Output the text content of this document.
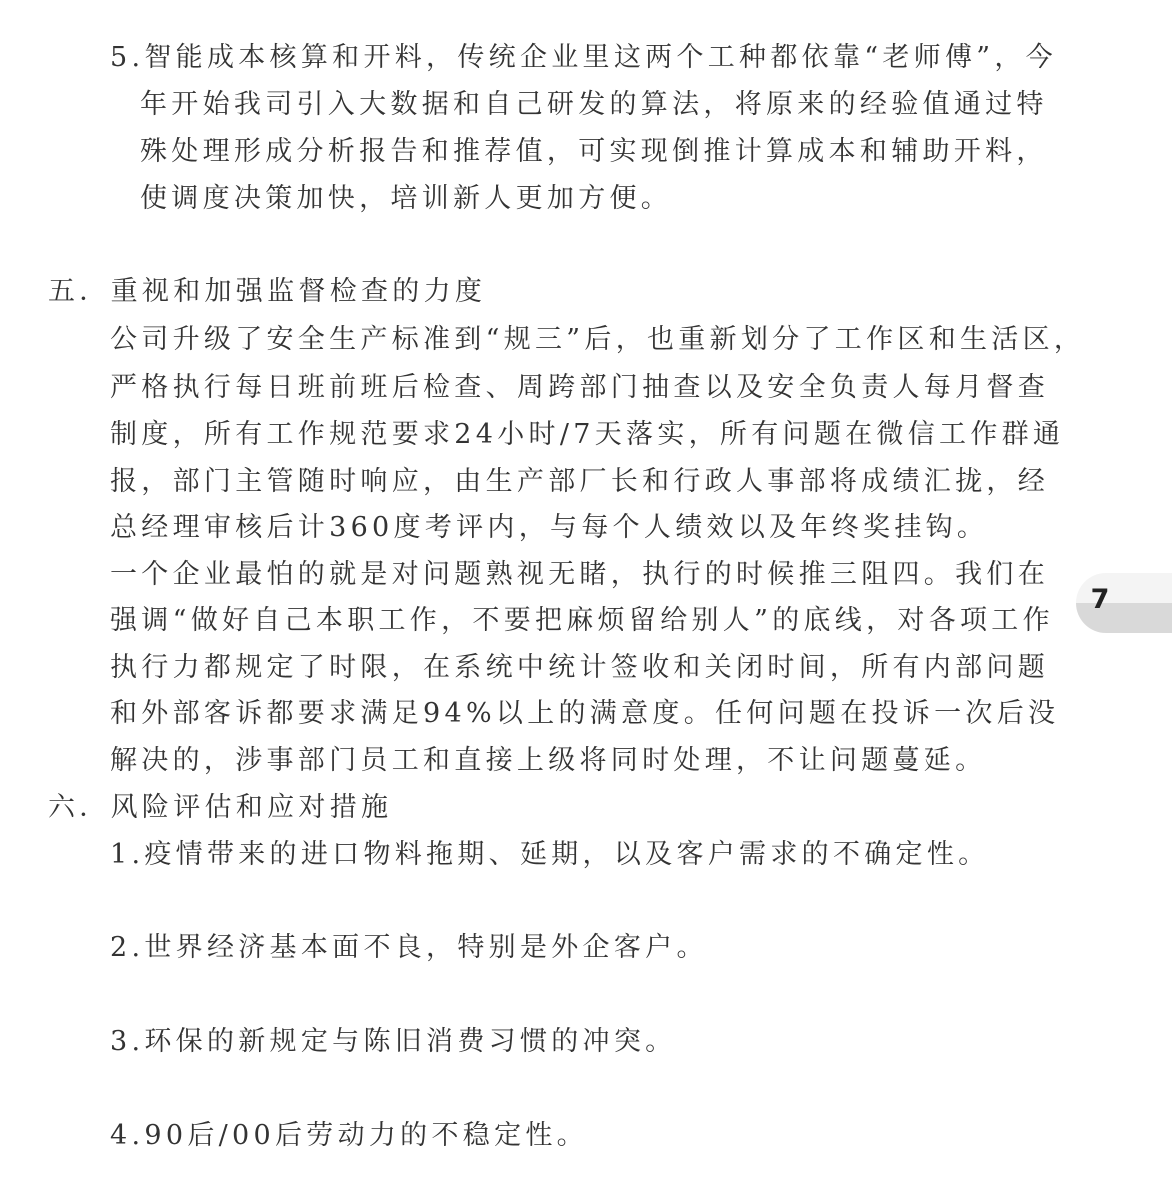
5.智能成本核算和开料，传统企业里这两个工种都依靠“老师傅”，今
年开始我司引入大数据和自己研发的算法，将原来的经验值通过特
殊处理形成分析报告和推荐值，可实现倒推计算成本和辅助开料，
使调度决策加快，培训新人更加方便。
五．重视和加强监督检查的力度
公司升级了安全生产标准到“规三”后，也重新划分了工作区和生活区，
严格执行每日班前班后检查、周跨部门抽查以及安全负责人每月督查
制度，所有工作规范要求24小时/7天落实，所有问题在微信工作群通
报，部门主管随时响应，由生产部厂长和行政人事部将成绩汇拢，经
总经理审核后计360度考评内，与每个人绩效以及年终奖挂钩。
一个企业最怕的就是对问题熟视无睹，执行的时候推三阻四。我们在
强调“做好自己本职工作，不要把麻烦留给别人”的底线，对各项工作
执行力都规定了时限，在系统中统计签收和关闭时间，所有内部问题
和外部客诉都要求满足94%以上的满意度。任何问题在投诉一次后没
解决的，涉事部门员工和直接上级将同时处理，不让问题蔓延。
六．风险评估和应对措施
1.疫情带来的进口物料拖期、延期，以及客户需求的不确定性。
2.世界经济基本面不良，特别是外企客户。
3.环保的新规定与陈旧消费习惯的冲突。
4.90后/00后劳动力的不稳定性。
7
